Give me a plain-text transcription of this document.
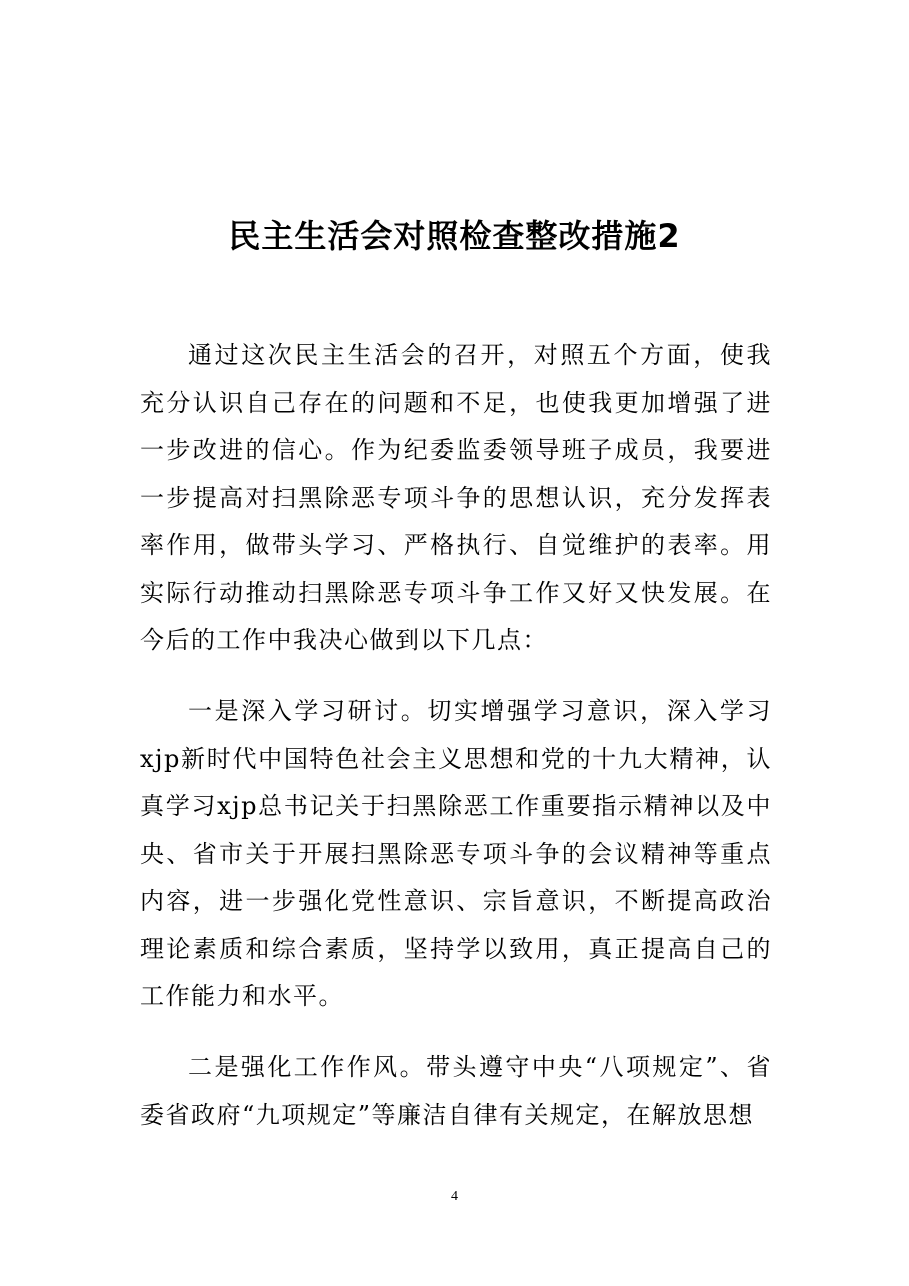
民主生活会对照检查整改措施2

通过这次民主生活会的召开，对照五个方面，使我充分认识自己存在的问题和不足，也使我更加增强了进一步改进的信心。作为纪委监委领导班子成员，我要进一步提高对扫黑除恶专项斗争的思想认识，充分发挥表率作用，做带头学习、严格执行、自觉维护的表率。用实际行动推动扫黑除恶专项斗争工作又好又快发展。在今后的工作中我决心做到以下几点：

一是深入学习研讨。切实增强学习意识，深入学习xjp新时代中国特色社会主义思想和党的十九大精神，认真学习xjp总书记关于扫黑除恶工作重要指示精神以及中央、省市关于开展扫黑除恶专项斗争的会议精神等重点内容，进一步强化党性意识、宗旨意识，不断提高政治理论素质和综合素质，坚持学以致用，真正提高自己的工作能力和水平。

二是强化工作作风。带头遵守中央“八项规定”、省委省政府“九项规定”等廉洁自律有关规定，在解放思想

4
